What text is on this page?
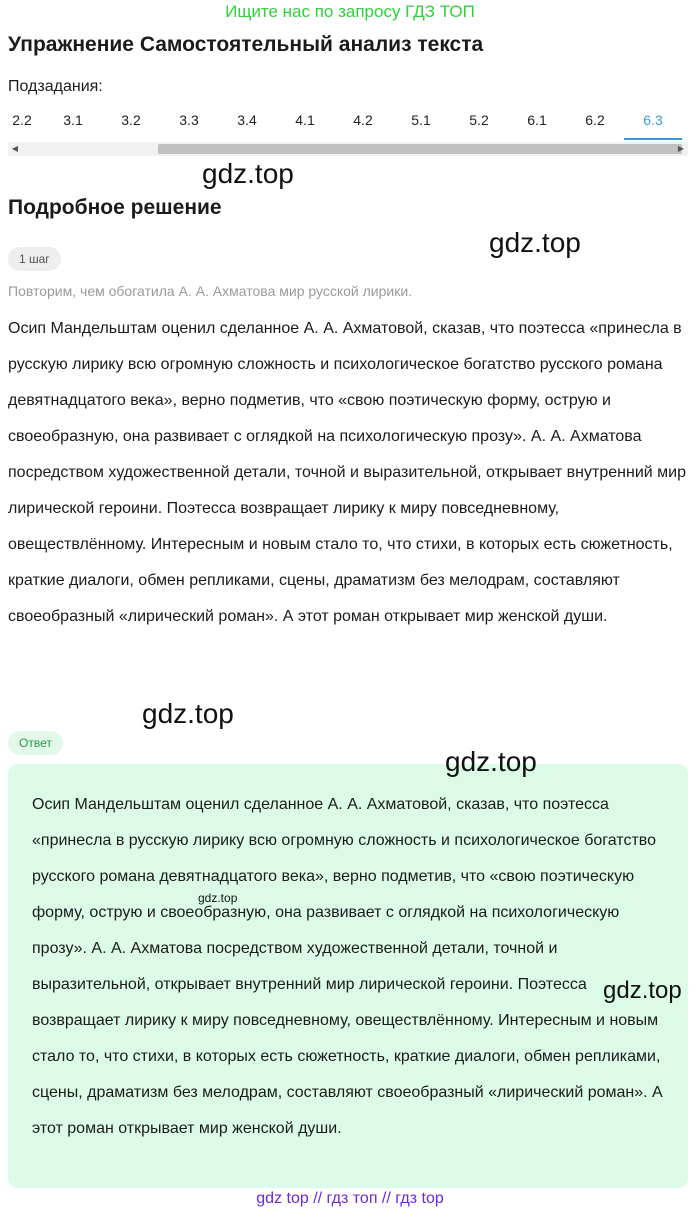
Ищите нас по запросу ГДЗ ТОП
Упражнение Самостоятельный анализ текста
Подзадания:
2.2	3.1	3.2	3.3	3.4	4.1	4.2	5.1	5.2	6.1	6.2	6.3
◀	▶
gdz.top
Подробное решение
gdz.top
1 шаг
Повторим, чем обогатила А. А. Ахматова мир русской лирики.
Осип Мандельштам оценил сделанное А. А. Ахматовой, сказав, что поэтесса «принесла в русскую лирику всю огромную сложность и психологическое богатство русского романа девятнадцатого века», верно подметив, что «свою поэтическую форму, острую и своеобразную, она развивает с оглядкой на психологическую прозу». А. А. Ахматова посредством художественной детали, точной и выразительной, открывает внутренний мир лирической героини. Поэтесса возвращает лирику к миру повседневному, овеществлённому. Интересным и новым стало то, что стихи, в которых есть сюжетность, краткие диалоги, обмен репликами, сцены, драматизм без мелодрам, составляют своеобразный «лирический роман». А этот роман открывает мир женской души.
gdz.top
Ответ
gdz.top
Осип Мандельштам оценил сделанное А. А. Ахматовой, сказав, что поэтесса «принесла в русскую лирику всю огромную сложность и психологическое богатство русского романа девятнадцатого века», верно подметив, что «свою поэтическую форму, острую и своеобразную, она развивает с оглядкой на психологическую прозу». А. А. Ахматова посредством художественной детали, точной и выразительной, открывает внутренний мир лирической героини. Поэтесса возвращает лирику к миру повседневному, овеществлённому. Интересным и новым стало то, что стихи, в которых есть сюжетность, краткие диалоги, обмен репликами, сцены, драматизм без мелодрам, составляют своеобразный «лирический роман». А этот роман открывает мир женской души.
gdz.top
gdz.top
gdz top // гдз топ // гдз top
